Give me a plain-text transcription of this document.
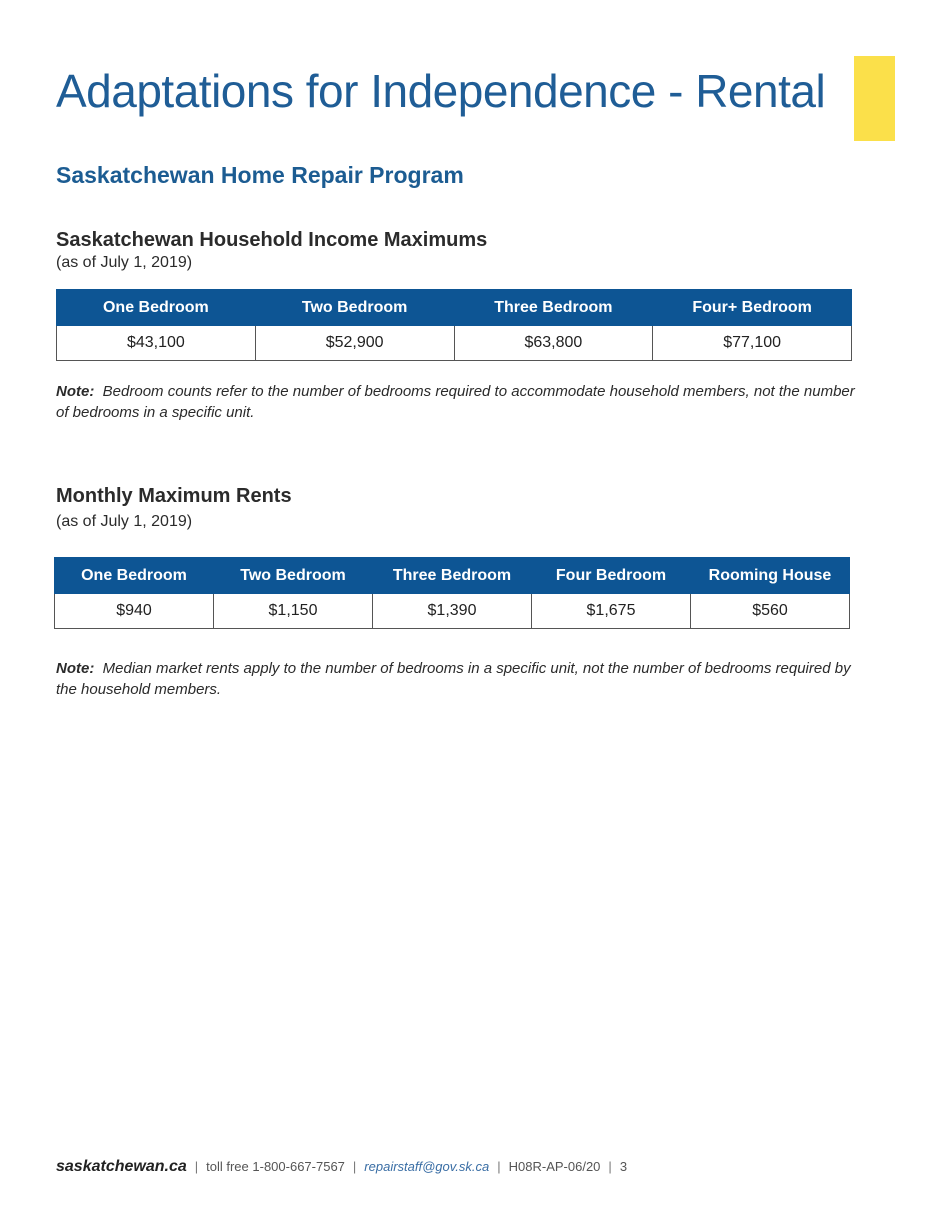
Adaptations for Independence - Rental
Saskatchewan Home Repair Program
Saskatchewan Household Income Maximums

(as of July 1, 2019)

One Bedroom	Two Bedroom	Three Bedroom	Four+ Bedroom
$43,100	$52,900	$63,800	$77,100

Note: Bedroom counts refer to the number of bedrooms required to accommodate household members, not the number of bedrooms in a specific unit.

Monthly Maximum Rents

(as of July 1, 2019)

One Bedroom	Two Bedroom	Three Bedroom	Four Bedroom	Rooming House
$940	$1,150	$1,390	$1,675	$560

Note: Median market rents apply to the number of bedrooms in a specific unit, not the number of bedrooms required by the household members.

saskatchewan.ca | toll free 1-800-667-7567 | repairstaff@gov.sk.ca | H08R-AP-06/20 | 3
